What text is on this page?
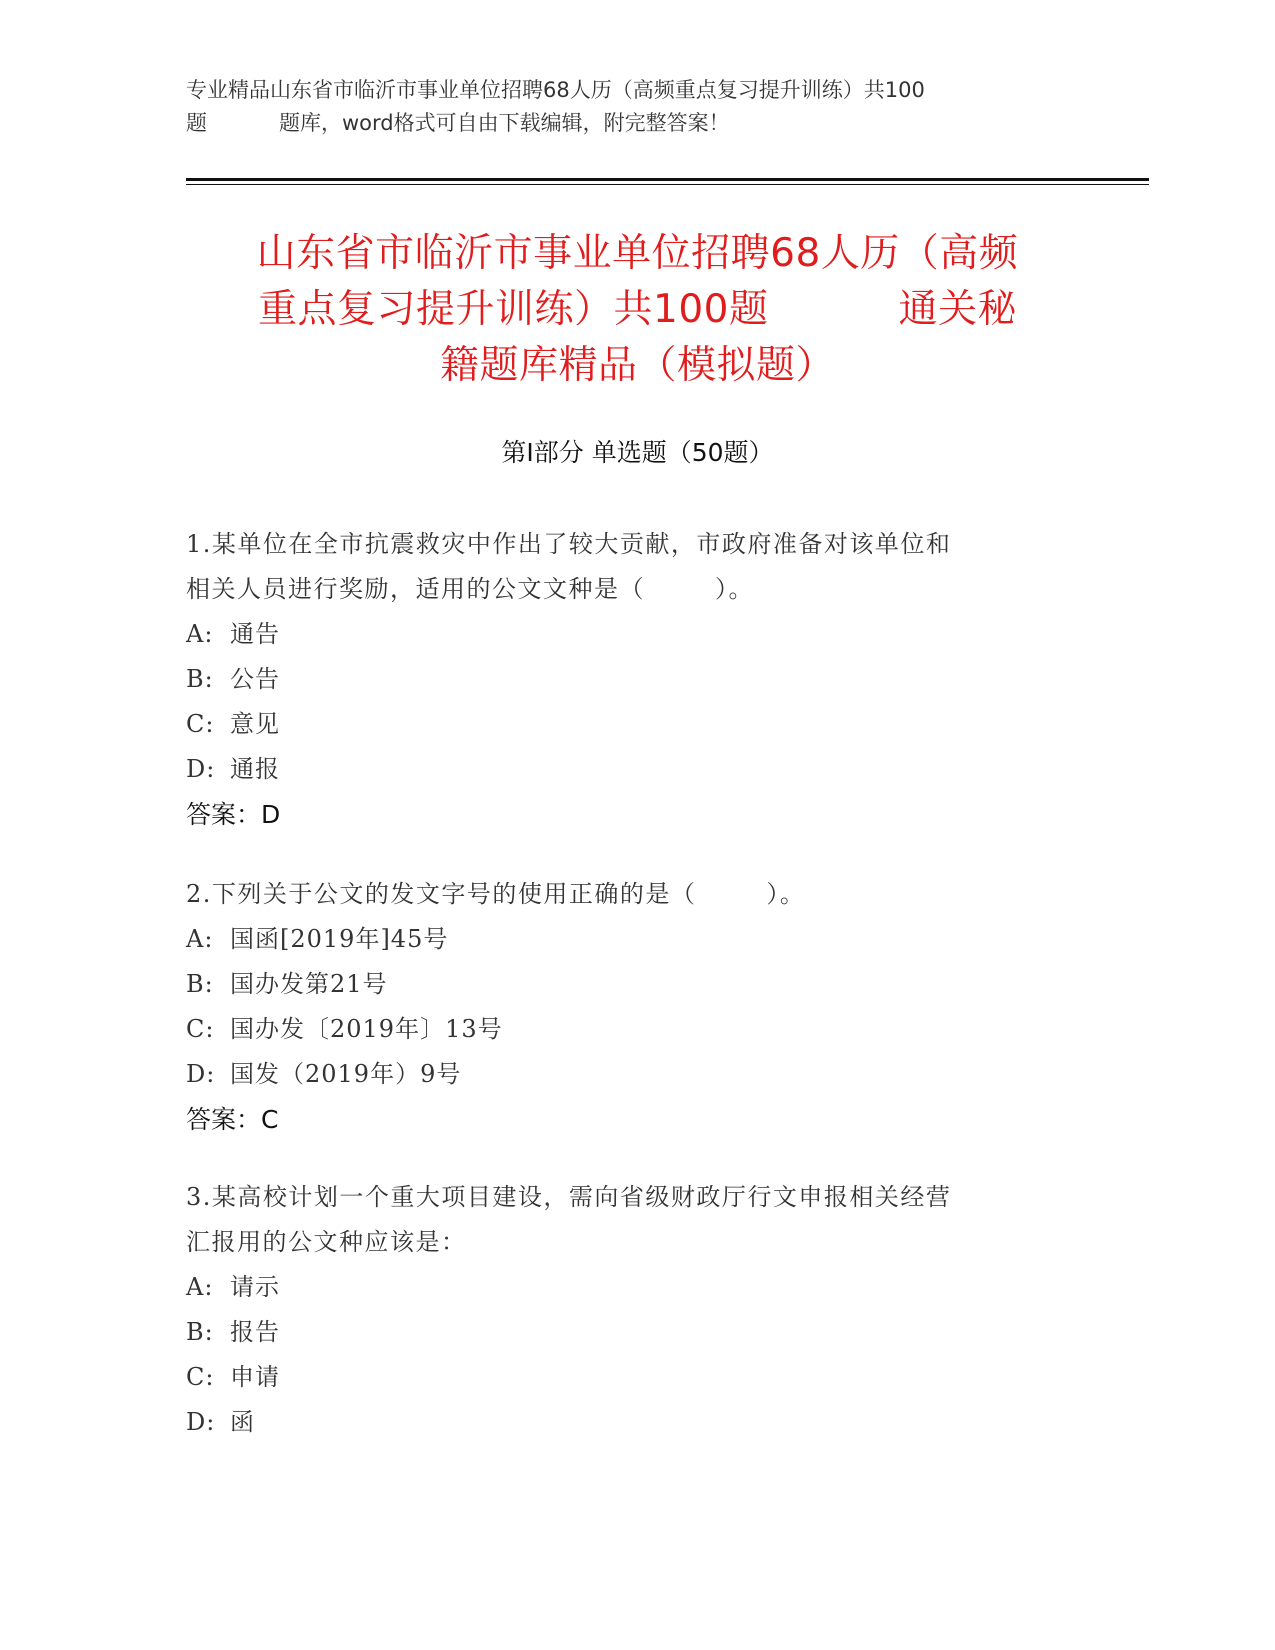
专业精品山东省市临沂市事业单位招聘68人历（高频重点复习提升训练）共100
题	题库，word格式可自由下载编辑，附完整答案！
山东省市临沂市事业单位招聘68人历（高频
重点复习提升训练）共100题	通关秘
籍题库精品（模拟题）
第Ⅰ部分 单选题（50题）
1.某单位在全市抗震救灾中作出了较大贡献，市政府准备对该单位和
相关人员进行奖励，适用的公文文种是（	）。
A: 通告
B: 公告
C: 意见
D: 通报
答案：D
2.下列关于公文的发文字号的使用正确的是（	）。
A: 国函[2019年]45号
B: 国办发第21号
C: 国办发〔2019年〕13号
D: 国发（2019年）9号
答案：C
3.某高校计划一个重大项目建设，需向省级财政厅行文申报相关经营
汇报用的公文种应该是：
A: 请示
B: 报告
C: 申请
D: 函
